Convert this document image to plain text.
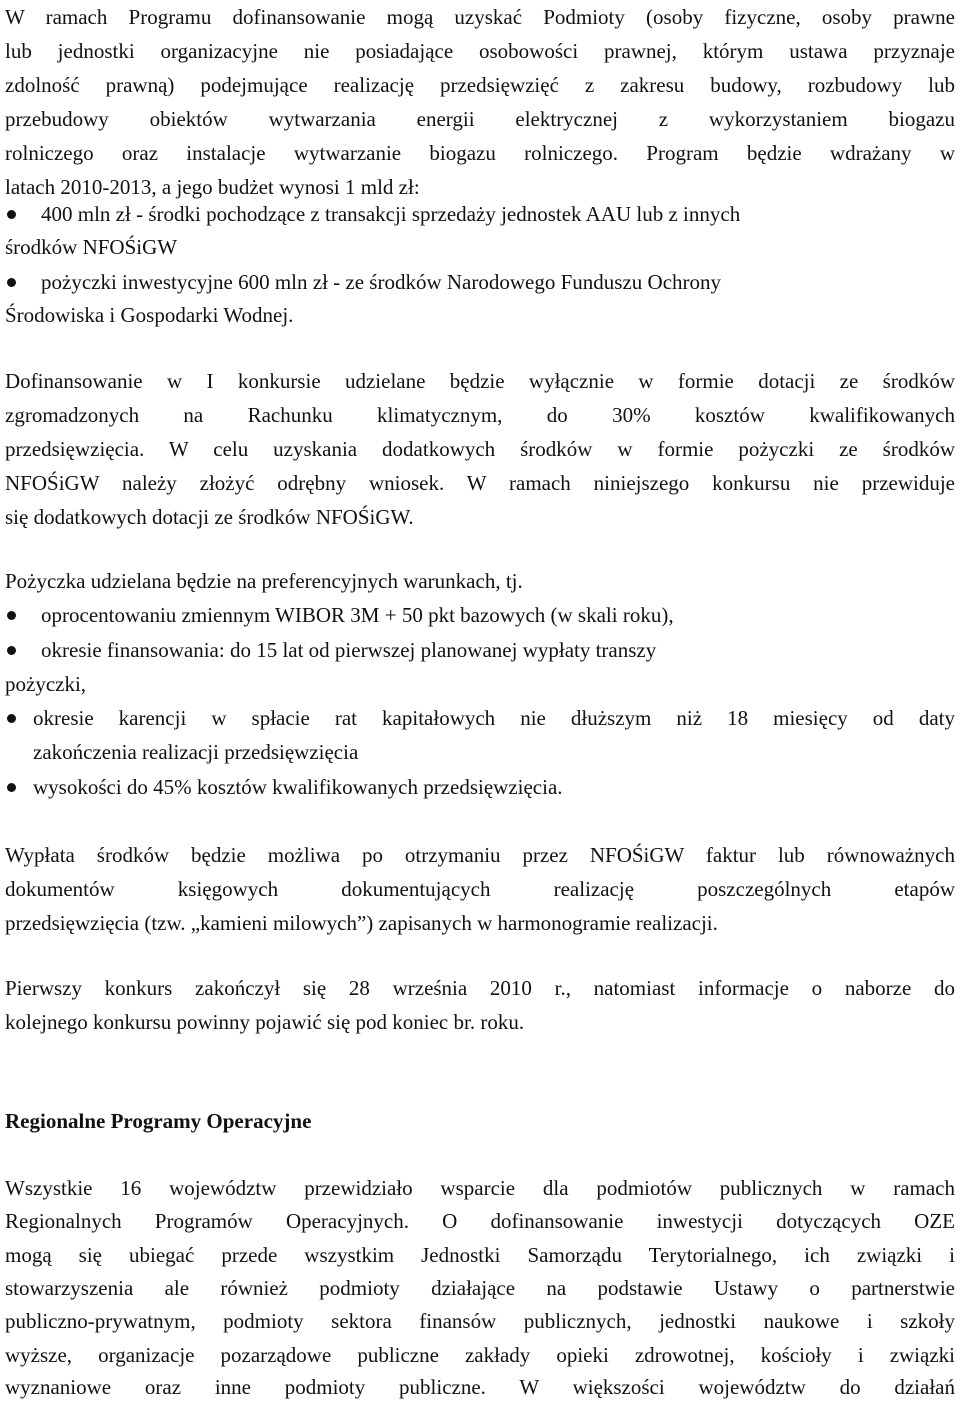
W ramach Programu dofinansowanie mogą uzyskać Podmioty (osoby fizyczne, osoby prawne
lub jednostki organizacyjne nie posiadające osobowości prawnej, którym ustawa przyznaje
zdolność prawną) podejmujące realizację przedsięwzięć z zakresu budowy, rozbudowy lub
przebudowy obiektów wytwarzania energii elektrycznej z wykorzystaniem biogazu
rolniczego oraz instalacje wytwarzanie biogazu rolniczego. Program będzie wdrażany w
latach 2010-2013, a jego budżet wynosi 1 mld zł:
400 mln zł - środki pochodzące z transakcji sprzedaży jednostek AAU lub z innych
środków NFOŚiGW
pożyczki inwestycyjne 600 mln zł - ze środków Narodowego Funduszu Ochrony
Środowiska i Gospodarki Wodnej.
Dofinansowanie w I konkursie udzielane będzie wyłącznie w formie dotacji ze środków
zgromadzonych na Rachunku klimatycznym, do 30% kosztów kwalifikowanych
przedsięwzięcia. W celu uzyskania dodatkowych środków w formie pożyczki ze środków
NFOŚiGW należy złożyć odrębny wniosek. W ramach niniejszego konkursu nie przewiduje
się dodatkowych dotacji ze środków NFOŚiGW.
Pożyczka udzielana będzie na preferencyjnych warunkach, tj.
oprocentowaniu zmiennym WIBOR 3M + 50 pkt bazowych (w skali roku),
okresie finansowania: do 15 lat od pierwszej planowanej wypłaty transzy
pożyczki,
okresie karencji w spłacie rat kapitałowych nie dłuższym niż 18 miesięcy od daty
zakończenia realizacji przedsięwzięcia
wysokości do 45% kosztów kwalifikowanych przedsięwzięcia.
Wypłata środków będzie możliwa po otrzymaniu przez NFOŚiGW faktur lub równoważnych
dokumentów księgowych dokumentujących realizację poszczególnych etapów
przedsięwzięcia (tzw. „kamieni milowych”) zapisanych w harmonogramie realizacji.
Pierwszy konkurs zakończył się 28 września 2010 r., natomiast informacje o naborze do
kolejnego konkursu powinny pojawić się pod koniec br. roku.
Regionalne Programy Operacyjne
Wszystkie 16 województw przewidziało wsparcie dla podmiotów publicznych w ramach
Regionalnych Programów Operacyjnych. O dofinansowanie inwestycji dotyczących OZE
mogą się ubiegać przede wszystkim Jednostki Samorządu Terytorialnego, ich związki i
stowarzyszenia ale również podmioty działające na podstawie Ustawy o partnerstwie
publiczno-prywatnym, podmioty sektora finansów publicznych, jednostki naukowe i szkoły
wyższe, organizacje pozarządowe publiczne zakłady opieki zdrowotnej, kościoły i związki
wyznaniowe oraz inne podmioty publiczne. W większości województw do działań
